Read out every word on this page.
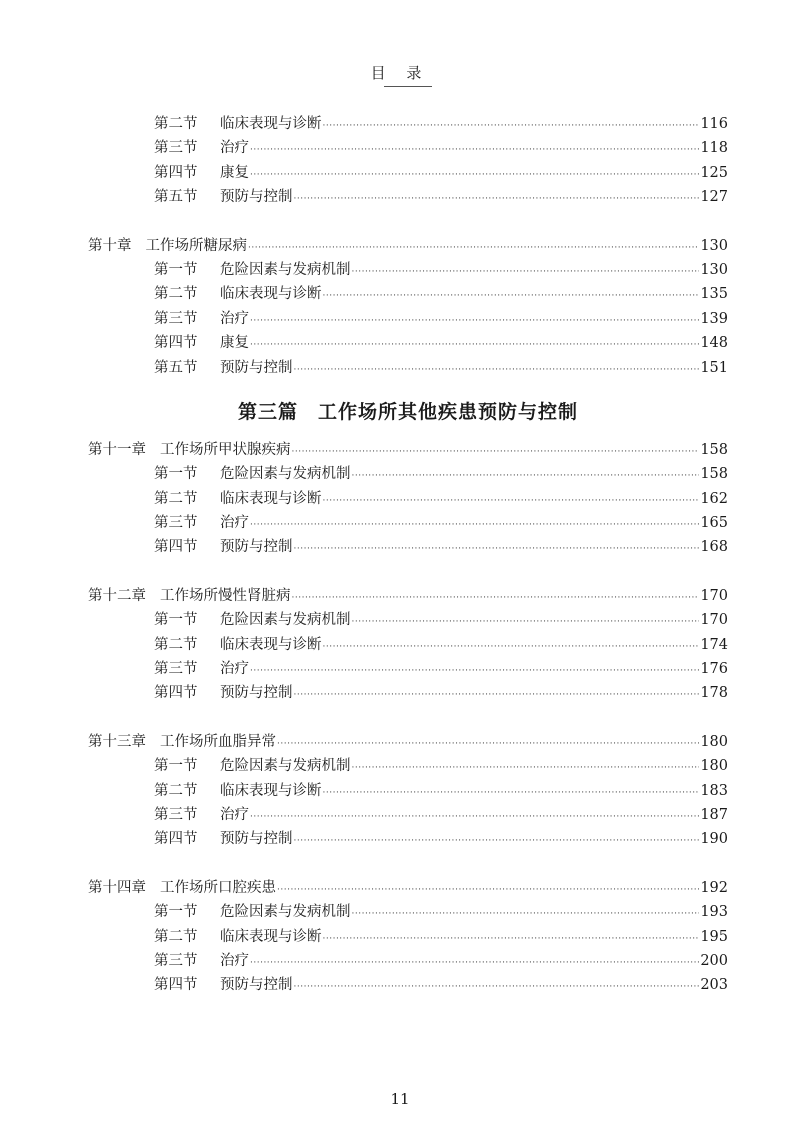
目 录
第二节	临床表现与诊断 ·····	116
第三节	治疗 ·····	118
第四节	康复 ·····	125
第五节	预防与控制 ·····	127
第十章 工作场所糖尿病 ·····	130
第一节	危险因素与发病机制 ·····	130
第二节	临床表现与诊断 ·····	135
第三节	治疗 ·····	139
第四节	康复 ·····	148
第五节	预防与控制 ·····	151
第三篇　工作场所其他疾患预防与控制
第十一章 工作场所甲状腺疾病 ·····	158
第一节	危险因素与发病机制 ·····	158
第二节	临床表现与诊断 ·····	162
第三节	治疗 ·····	165
第四节	预防与控制 ·····	168
第十二章 工作场所慢性肾脏病 ·····	170
第一节	危险因素与发病机制 ·····	170
第二节	临床表现与诊断 ·····	174
第三节	治疗 ·····	176
第四节	预防与控制 ·····	178
第十三章 工作场所血脂异常 ·····	180
第一节	危险因素与发病机制 ·····	180
第二节	临床表现与诊断 ·····	183
第三节	治疗 ·····	187
第四节	预防与控制 ·····	190
第十四章 工作场所口腔疾患 ·····	192
第一节	危险因素与发病机制 ·····	193
第二节	临床表现与诊断 ·····	195
第三节	治疗 ·····	200
第四节	预防与控制 ·····	203
11
